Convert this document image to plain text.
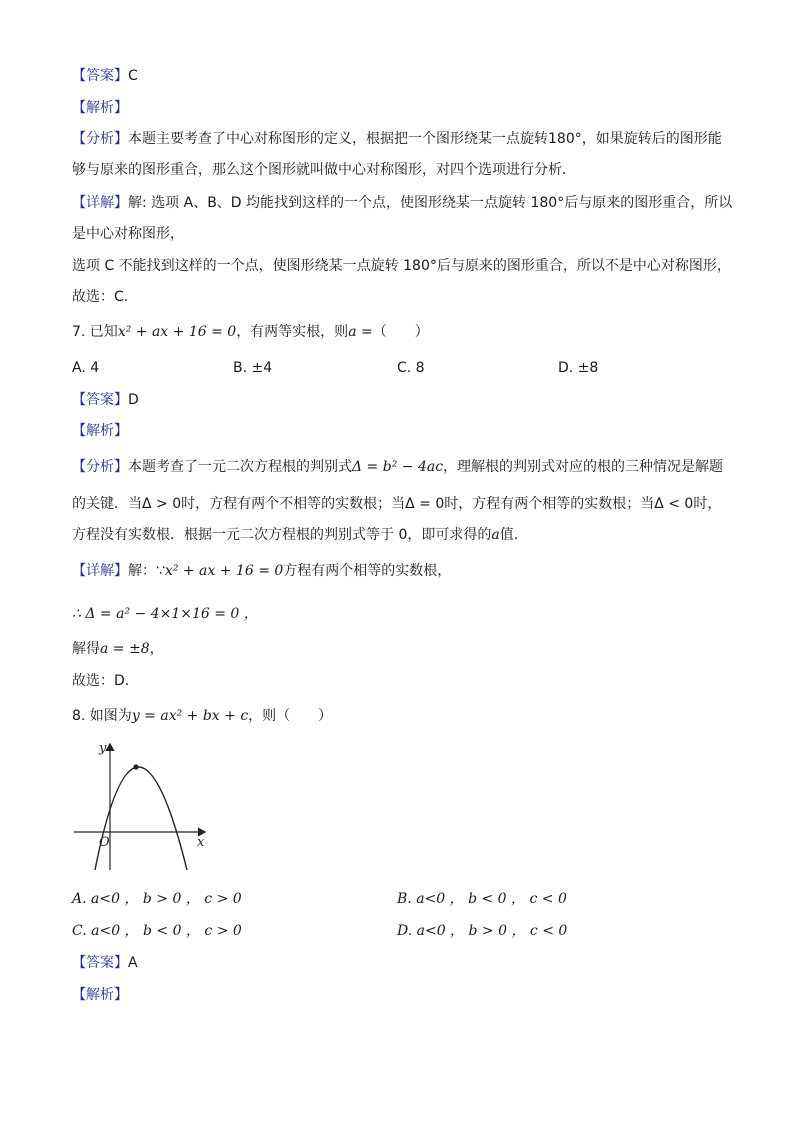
【答案】C
【解析】
【分析】本题主要考查了中心对称图形的定义，根据把一个图形绕某一点旋转180°，如果旋转后的图形能
够与原来的图形重合，那么这个图形就叫做中心对称图形，对四个选项进行分析．
【详解】解: 选项 A、B、D 均能找到这样的一个点，使图形绕某一点旋转 180°后与原来的图形重合，所以
是中心对称图形，
选项 C 不能找到这样的一个点，使图形绕某一点旋转 180°后与原来的图形重合，所以不是中心对称图形，
故选：C．
7. 已知x² + ax + 16 = 0，有两等实根，则a =（　　）
A. 4	B. ±4	C. 8	D. ±8
【答案】D
【解析】
【分析】本题考查了一元二次方程根的判别式Δ = b² − 4ac，理解根的判别式对应的根的三种情况是解题
的关键．当Δ > 0时，方程有两个不相等的实数根；当Δ = 0时，方程有两个相等的实数根；当Δ < 0时，
方程没有实数根．根据一元二次方程根的判别式等于 0，即可求得的a值．
【详解】解：∵x² + ax + 16 = 0方程有两个相等的实数根，
∴ Δ = a² − 4×1×16 = 0 ，
解得a = ±8，
故选：D．
8. 如图为y = ax² + bx + c，则（　　）
y
x
O
A. a<0 ， b > 0 ， c > 0	B. a<0 ， b < 0 ， c < 0
C. a<0 ， b < 0 ， c > 0	D. a<0 ， b > 0 ， c < 0
【答案】A
【解析】
